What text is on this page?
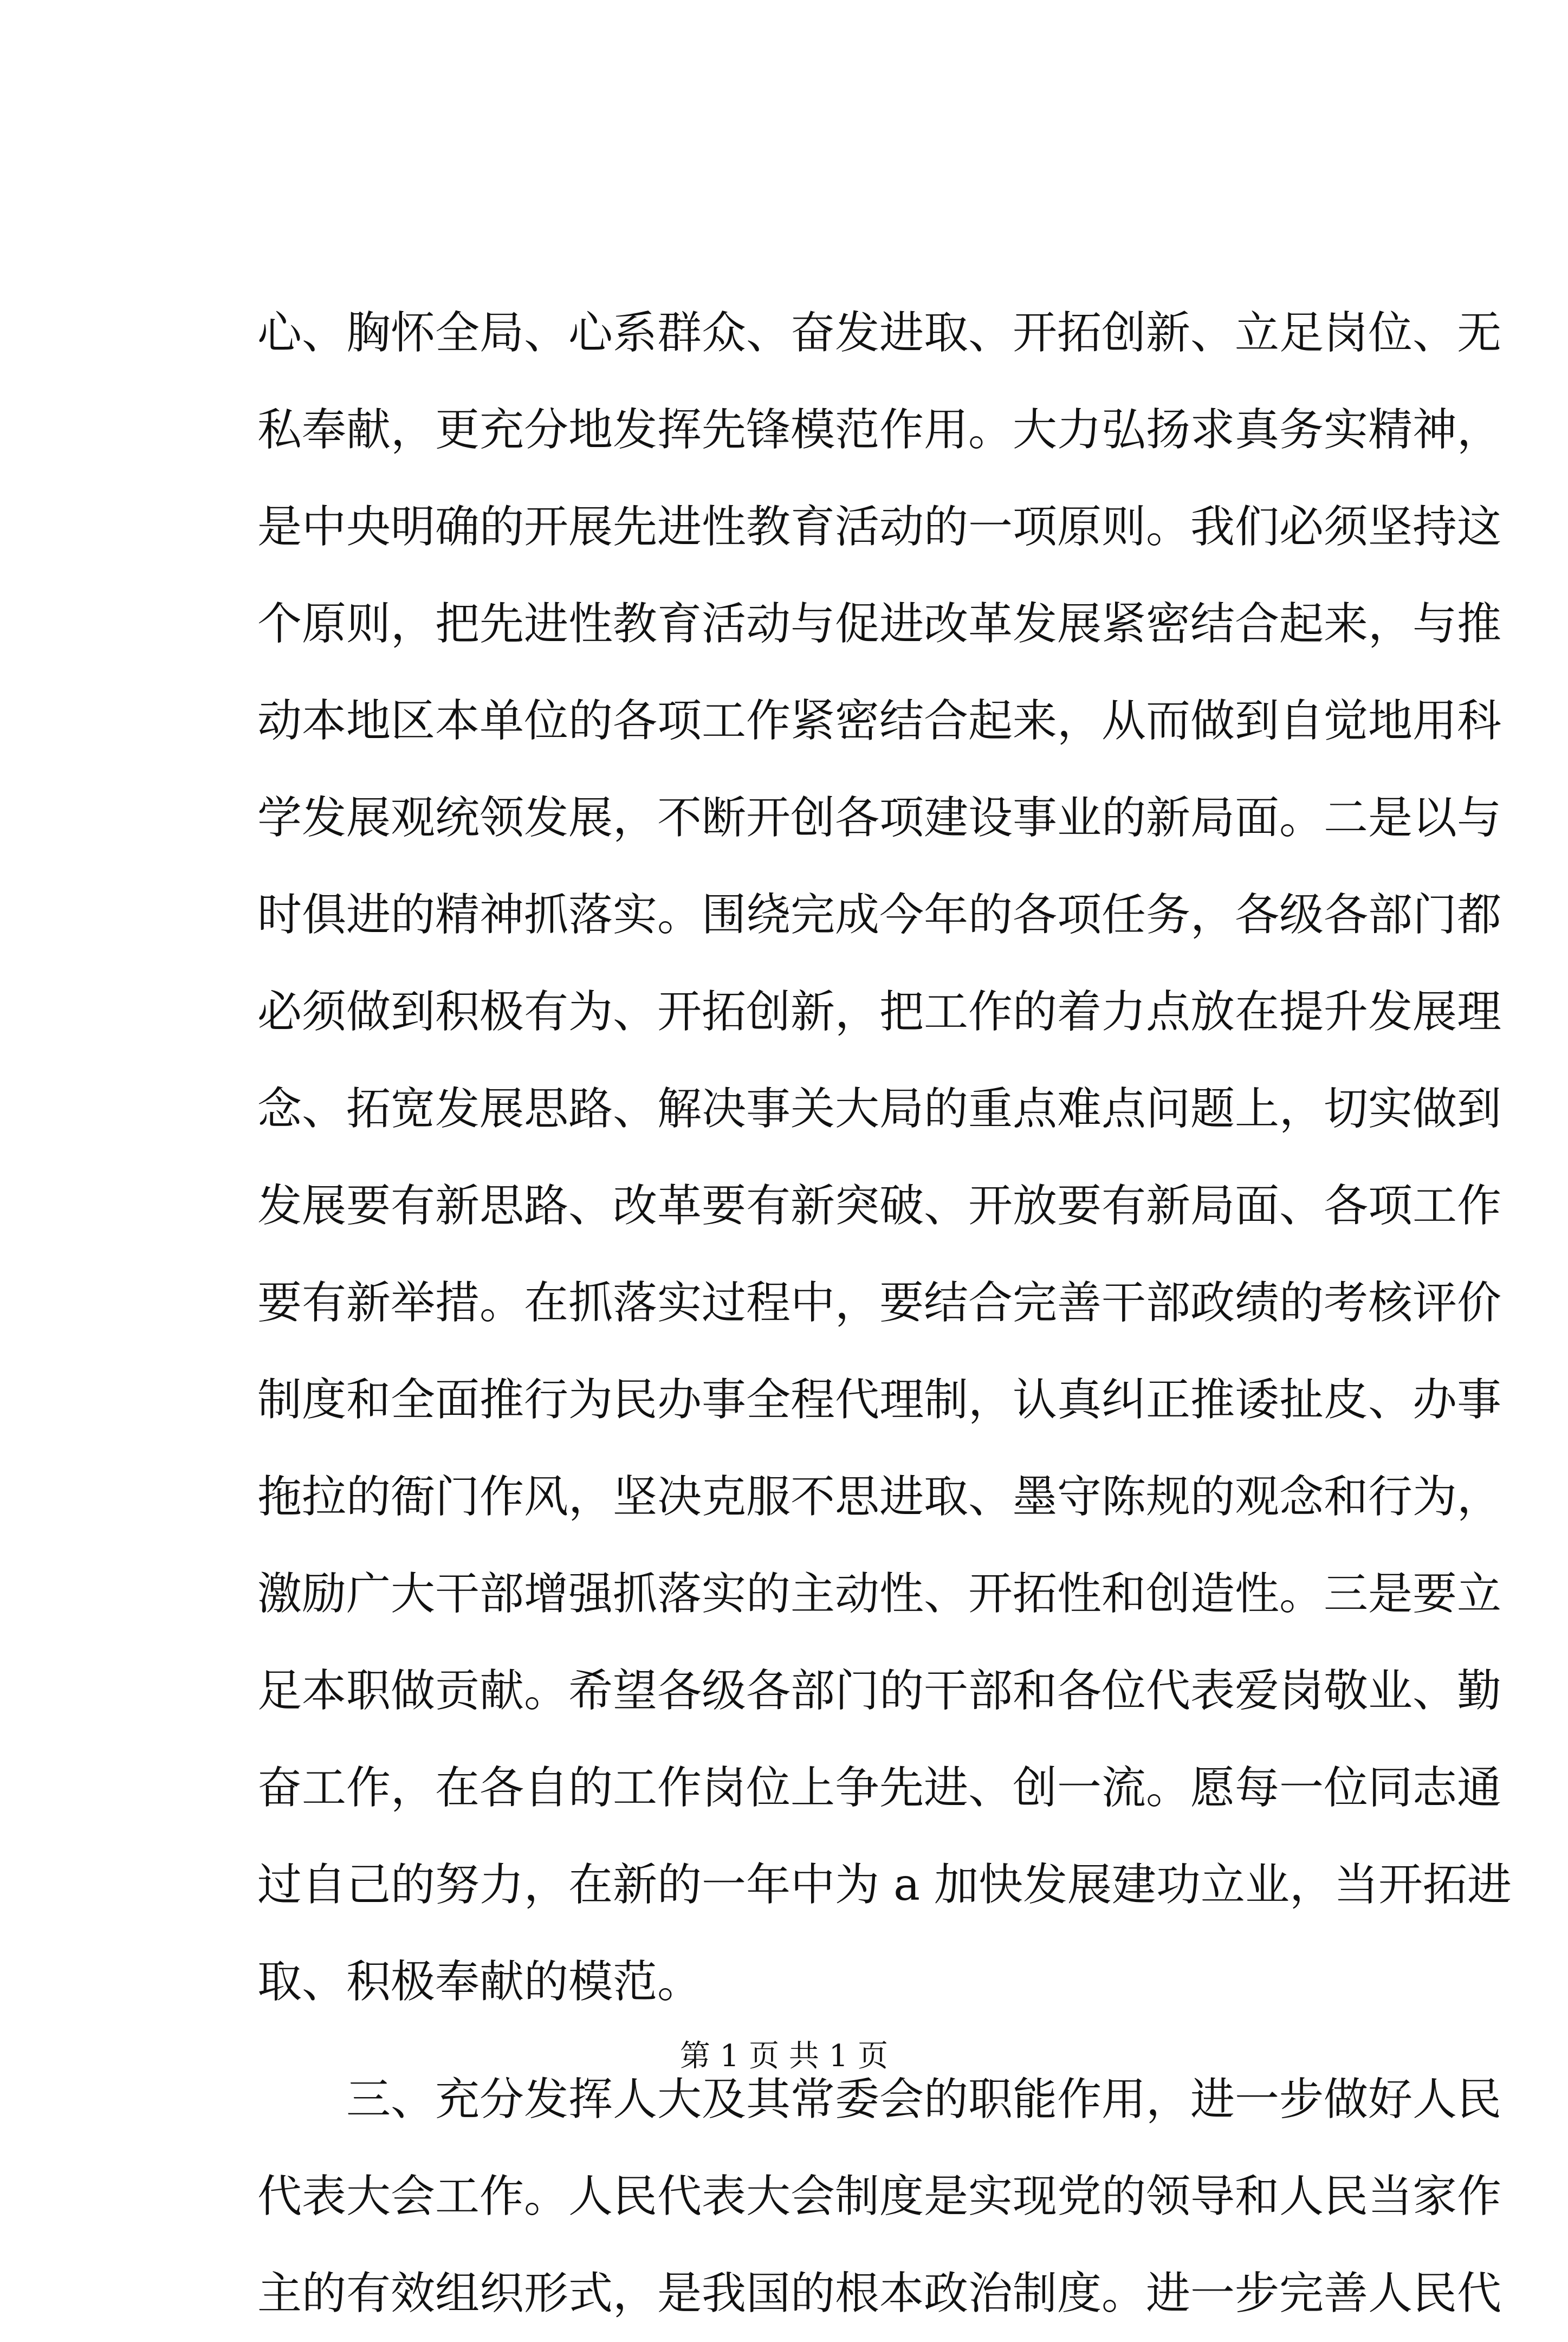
心、胸怀全局、心系群众、奋发进取、开拓创新、立足岗位、无
私奉献，更充分地发挥先锋模范作用。大力弘扬求真务实精神，
是中央明确的开展先进性教育活动的一项原则。我们必须坚持这
个原则，把先进性教育活动与促进改革发展紧密结合起来，与推
动本地区本单位的各项工作紧密结合起来，从而做到自觉地用科
学发展观统领发展，不断开创各项建设事业的新局面。二是以与
时俱进的精神抓落实。围绕完成今年的各项任务，各级各部门都
必须做到积极有为、开拓创新，把工作的着力点放在提升发展理
念、拓宽发展思路、解决事关大局的重点难点问题上，切实做到
发展要有新思路、改革要有新突破、开放要有新局面、各项工作
要有新举措。在抓落实过程中，要结合完善干部政绩的考核评价
制度和全面推行为民办事全程代理制，认真纠正推诿扯皮、办事
拖拉的衙门作风，坚决克服不思进取、墨守陈规的观念和行为，
激励广大干部增强抓落实的主动性、开拓性和创造性。三是要立
足本职做贡献。希望各级各部门的干部和各位代表爱岗敬业、勤
奋工作，在各自的工作岗位上争先进、创一流。愿每一位同志通
过自己的努力，在新的一年中为 a 加快发展建功立业，当开拓进
取、积极奉献的模范。
三、充分发挥人大及其常委会的职能作用，进一步做好人民
代表大会工作。人民代表大会制度是实现党的领导和人民当家作
主的有效组织形式，是我国的根本政治制度。进一步完善人民代
第 1 页 共 1 页
